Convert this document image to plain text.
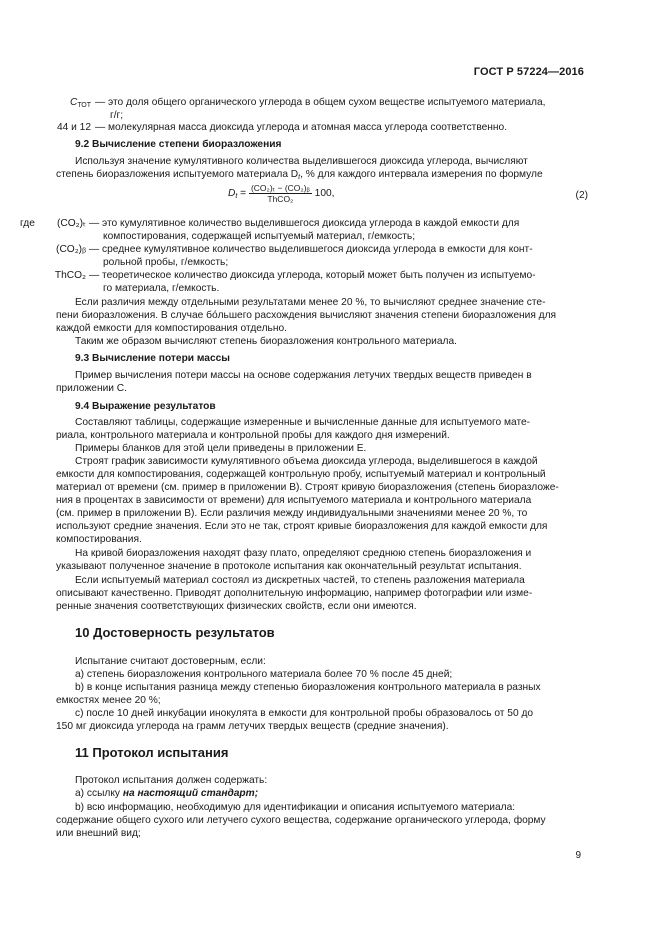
ГОСТ Р 57224—2016
$C_{ТОТ}$ — это доля общего органического углерода в общем сухом веществе испытуемого материала,
г/г;
44 и 12 — молекулярная масса диоксида углерода и атомная масса углерода соответственно.
9.2 Вычисление степени биоразложения
Используя значение кумулятивного количества выделившегося диоксида углерода, вычисляют
степень биоразложения испытуемого материала $D_t$, % для каждого интервала измерения по формуле
$D_t = \frac{\text{(CO₂)ₜ − (CO₂)ᵦ}}{\text{ThCO₂}} 100$,	(2)
где	(CO₂)ₜ — это кумулятивное количество выделившегося диоксида углерода в каждой емкости для
компостирования, содержащей испытуемый материал, г/емкость;
(CO₂)ᵦ — среднее кумулятивное количество выделившегося диоксида углерода в емкости для конт-
рольной пробы, г/емкость;
ThCO₂ — теоретическое количество диоксида углерода, который может быть получен из испытуемо-
го материала, г/емкость.
Если различия между отдельными результатами менее 20 %, то вычисляют среднее значение сте-
пени биоразложения. В случае бо́льшего расхождения вычисляют значения степени биоразложения для
каждой емкости для компостирования отдельно.
Таким же образом вычисляют степень биоразложения контрольного материала.
9.3 Вычисление потери массы
Пример вычисления потери массы на основе содержания летучих твердых веществ приведен в
приложении С.
9.4 Выражение результатов
Составляют таблицы, содержащие измеренные и вычисленные данные для испытуемого мате-
риала, контрольного материала и контрольной пробы для каждого дня измерений.
Примеры бланков для этой цели приведены в приложении Е.
Строят график зависимости кумулятивного объема диоксида углерода, выделившегося в каждой
емкости для компостирования, содержащей контрольную пробу, испытуемый материал и контрольный
материал от времени (см. пример в приложении В). Строят кривую биоразложения (степень биоразложе-
ния в процентах в зависимости от времени) для испытуемого материала и контрольного материала
(см. пример в приложении В). Если различия между индивидуальными значениями менее 20 %, то
используют средние значения. Если это не так, строят кривые биоразложения для каждой емкости для
компостирования.
На кривой биоразложения находят фазу плато, определяют среднюю степень биоразложения и
указывают полученное значение в протоколе испытания как окончательный результат испытания.
Если испытуемый материал состоял из дискретных частей, то степень разложения материала
описывают качественно. Приводят дополнительную информацию, например фотографии или изме-
ренные значения соответствующих физических свойств, если они имеются.
10 Достоверность результатов
Испытание считают достоверным, если:
а) степень биоразложения контрольного материала более 70 % после 45 дней;
b) в конце испытания разница между степенью биоразложения контрольного материала в разных
емкостях менее 20 %;
c) после 10 дней инкубации инокулята в емкости для контрольной пробы образовалось от 50 до
150 мг диоксида углерода на грамм летучих твердых веществ (средние значения).
11 Протокол испытания
Протокол испытания должен содержать:
а) ссылку на настоящий стандарт;
b) всю информацию, необходимую для идентификации и описания испытуемого материала:
содержание общего сухого или летучего сухого вещества, содержание органического углерода, форму
или внешний вид;
9
